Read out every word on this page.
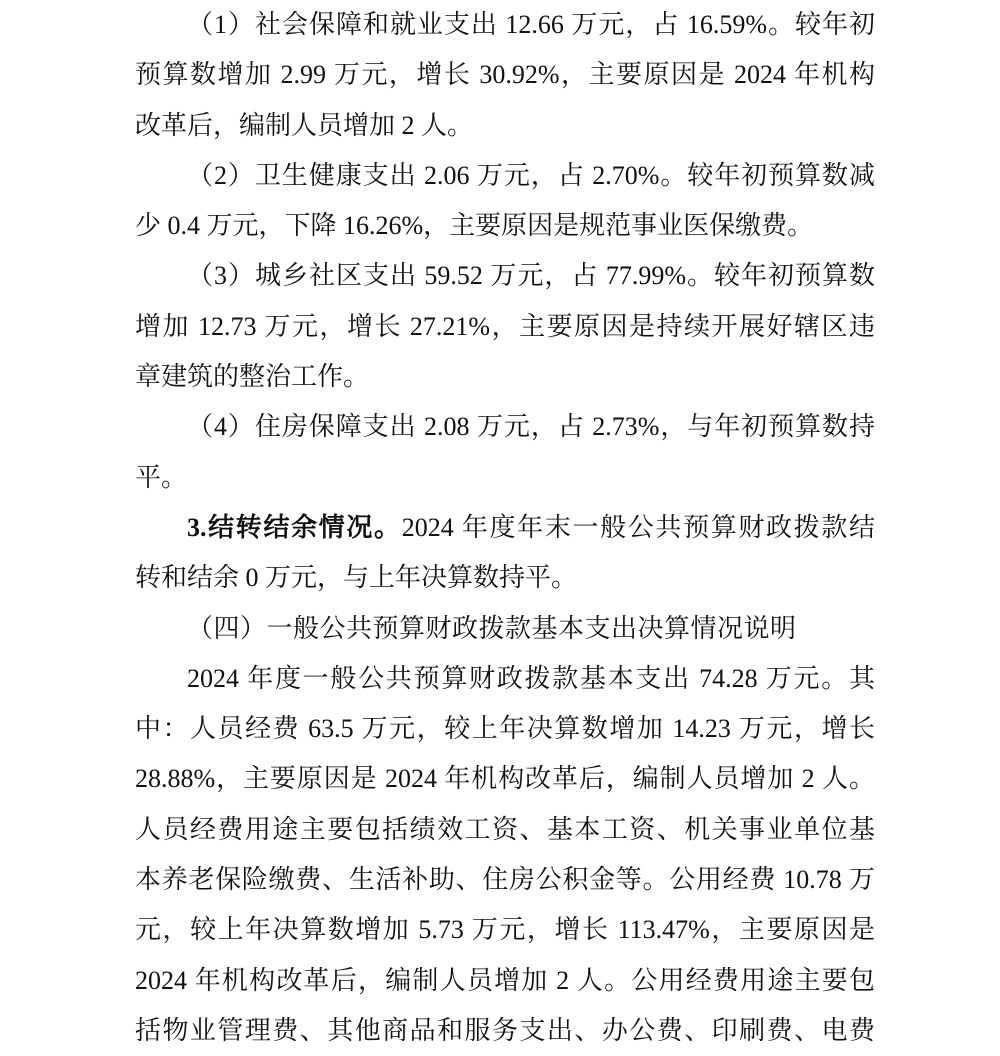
（1）社会保障和就业支出 12.66 万元，占 16.59%。较年初
预算数增加 2.99 万元，增长 30.92%，主要原因是 2024 年机构
改革后，编制人员增加 2 人。
（2）卫生健康支出 2.06 万元，占 2.70%。较年初预算数减
少 0.4 万元，下降 16.26%，主要原因是规范事业医保缴费。
（3）城乡社区支出 59.52 万元，占 77.99%。较年初预算数
增加 12.73 万元，增长 27.21%，主要原因是持续开展好辖区违
章建筑的整治工作。
（4）住房保障支出 2.08 万元，占 2.73%，与年初预算数持
平。
3.结转结余情况。2024 年度年末一般公共预算财政拨款结
转和结余 0 万元，与上年决算数持平。
（四）一般公共预算财政拨款基本支出决算情况说明
2024 年度一般公共预算财政拨款基本支出 74.28 万元。其
中：人员经费 63.5 万元，较上年决算数增加 14.23 万元，增长
28.88%，主要原因是 2024 年机构改革后，编制人员增加 2 人。
人员经费用途主要包括绩效工资、基本工资、机关事业单位基
本养老保险缴费、生活补助、住房公积金等。公用经费 10.78 万
元，较上年决算数增加 5.73 万元，增长 113.47%，主要原因是
2024 年机构改革后，编制人员增加 2 人。公用经费用途主要包
括物业管理费、其他商品和服务支出、办公费、印刷费、电费
